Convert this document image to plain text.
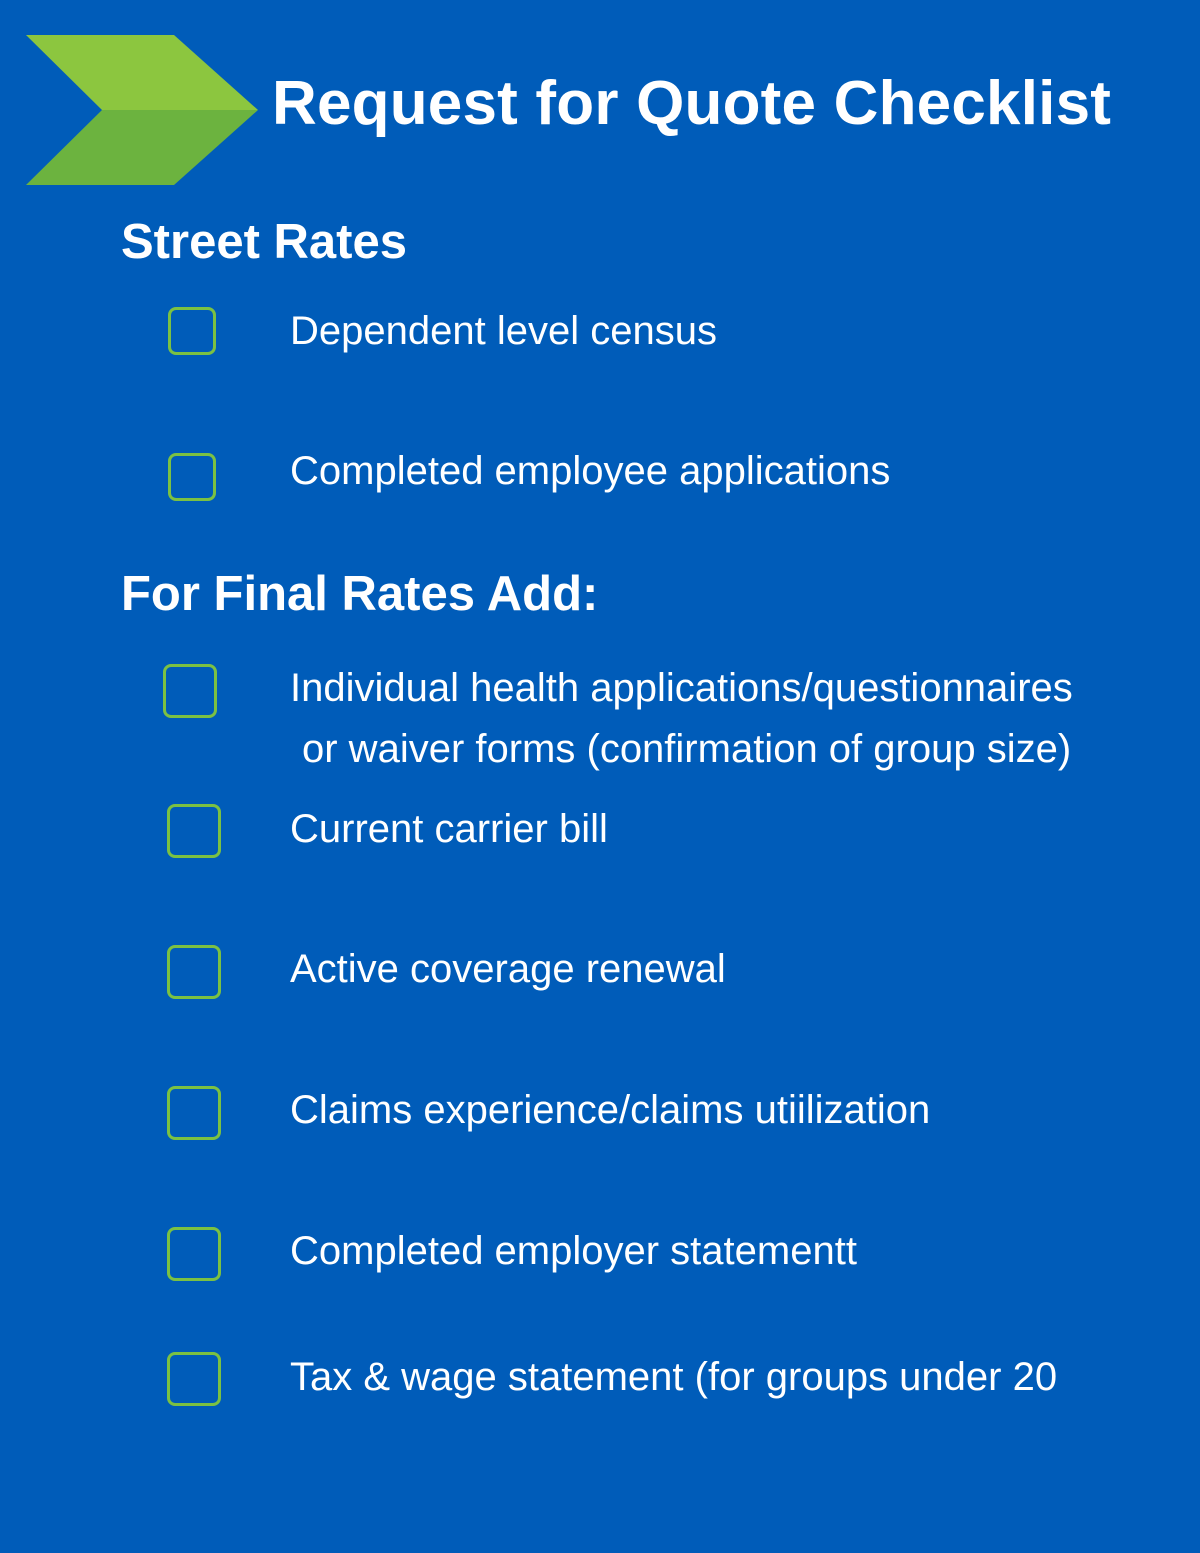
Request for Quote Checklist
Street Rates

Dependent level census

Completed employee applications

For Final Rates Add:

Individual health applications/questionnaires
or waiver forms (confirmation of group size)

Current carrier bill

Active coverage renewal

Claims experience/claims utiilization

Completed employer statementt

Tax & wage statement (for groups under 20
